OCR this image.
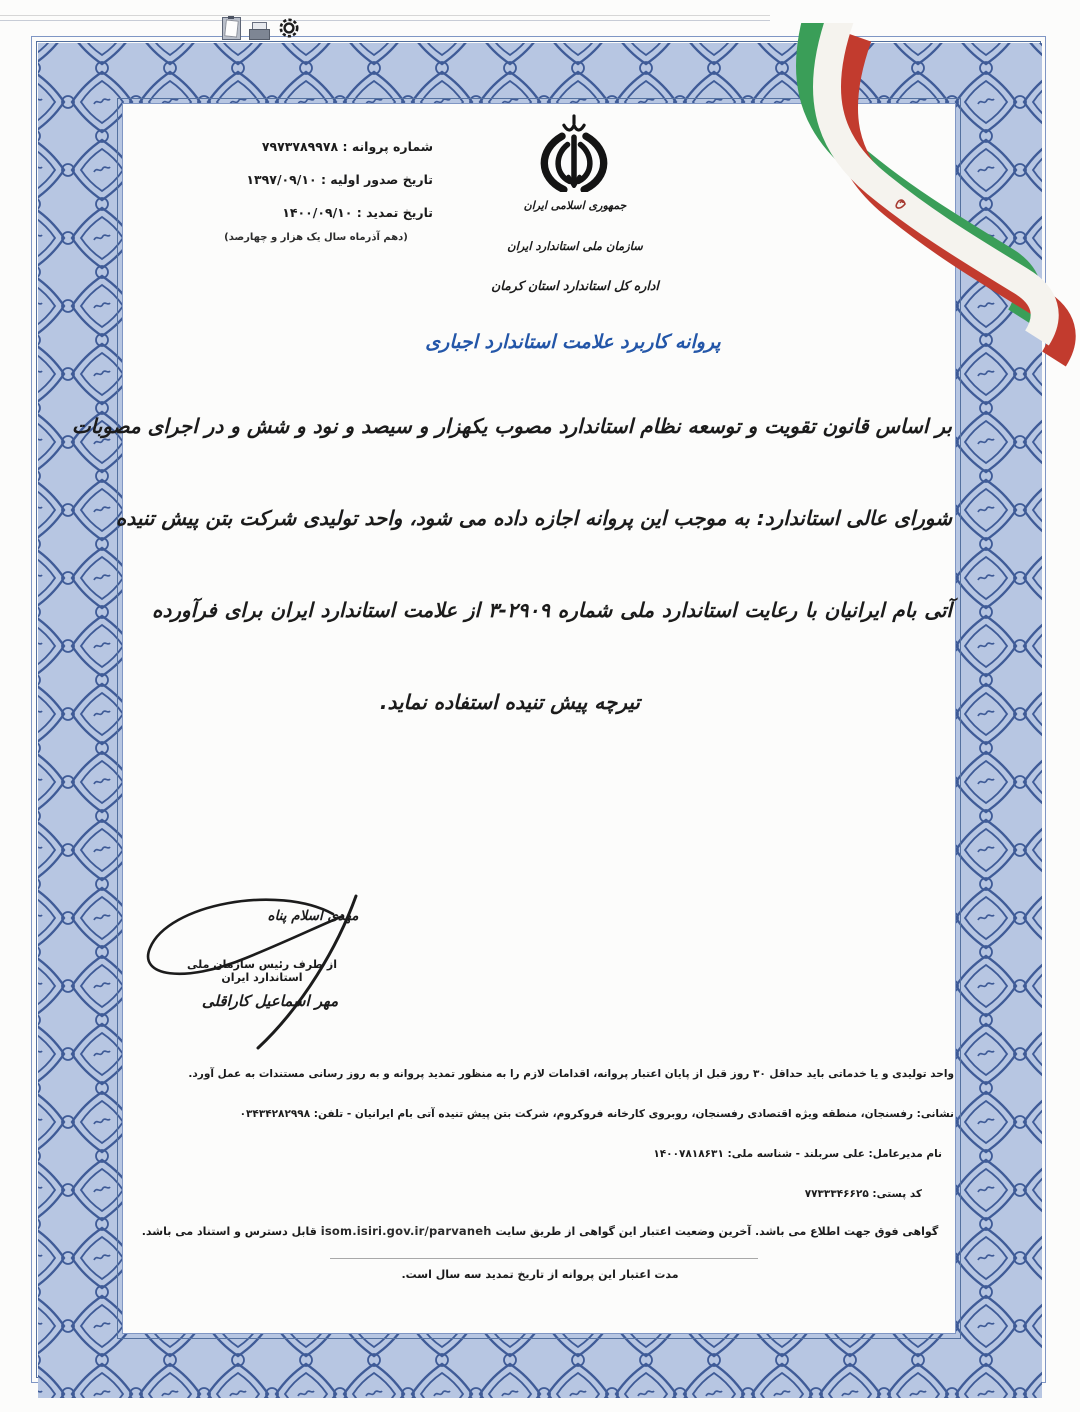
شماره پروانه : ۷۹۷۳۷۸۹۹۷۸
تاریخ صدور اولیه : ۱۳۹۷/۰۹/۱۰
تاریخ تمدید : ۱۴۰۰/۰۹/۱۰
(دهم آذرماه سال یک هزار و چهارصد)
جمهوری اسلامی ایران
سازمان ملی استاندارد ایران
اداره کل استاندارد استان کرمان
پروانه کاربرد علامت استاندارد اجباری
بر اساس قانون تقویت و توسعه نظام استاندارد مصوب یکهزار و سیصد و نود و شش و در اجرای مصوبات
شورای عالی استاندارد: به موجب این پروانه اجازه داده می شود، واحد تولیدی شرکت بتن پیش تنیده
آتی بام ایرانیان با رعایت استاندارد ملی شماره ۲۹۰۹-۳ از علامت استاندارد ایران برای فرآورده
تیرچه پیش تنیده استفاده نماید.
مهدی اسلام پناه
از طرف رئیس سازمان ملی استاندارد ایران
مهر اسماعیل کاراقلی
واحد تولیدی و یا خدماتی باید حداقل ۳۰ روز قبل از پایان اعتبار پروانه، اقدامات لازم را به منظور تمدید پروانه و به روز رسانی مستندات به عمل آورد.
نشانی: رفسنجان، منطقه ویژه اقتصادی رفسنجان، روبروی کارخانه فروکروم، شرکت بتن پیش تنیده آتی بام ایرانیان - تلفن: ۰۳۴۳۴۲۸۲۹۹۸
نام مدیرعامل: علی سربلند - شناسه ملی: ۱۴۰۰۷۸۱۸۶۳۱
کد پستی: ۷۷۳۳۳۴۶۶۲۵
گواهی فوق جهت اطلاع می باشد. آخرین وضعیت اعتبار این گواهی از طریق سایت isom.isiri.gov.ir/parvaneh قابل دسترس و استناد می باشد.
مدت اعتبار این پروانه از تاریخ تمدید سه سال است.
